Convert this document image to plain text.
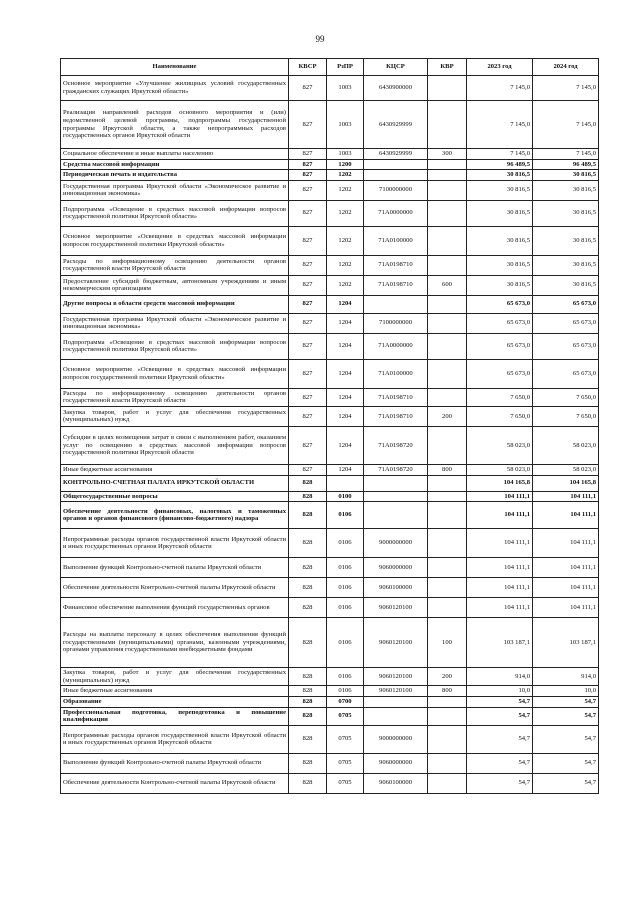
99
Наименование	КВСР	РзПР	КЦСР	КВР	2023 год	2024 год
Основное мероприятие «Улучшение жилищных условий государственных гражданских служащих Иркутской области»	827	1003	6430900000		7 145,0	7 145,0
Реализация направлений расходов основного мероприятия и (или) ведомственной целевой программы, подпрограммы государственной программы Иркутской области, а также непрограммных расходов государственных органов Иркутской области	827	1003	6430929999		7 145,0	7 145,0
Социальное обеспечение и иные выплаты населению	827	1003	6430929999	300	7 145,0	7 145,0
Средства массовой информации	827	1200			96 489,5	96 489,5
Периодическая печать и издательства	827	1202			30 816,5	30 816,5
Государственная программа Иркутской области «Экономическое развитие и инновационная экономика»	827	1202	7100000000		30 816,5	30 816,5
Подпрограмма «Освещение в средствах массовой информации вопросов государственной политики Иркутской области»	827	1202	71А0000000		30 816,5	30 816,5
Основное мероприятие «Освещение в средствах массовой информации вопросов государственной политики Иркутской области»	827	1202	71А0100000		30 816,5	30 816,5
Расходы по информационному освещению деятельности органов государственной власти Иркутской области	827	1202	71А0198710		30 816,5	30 816,5
Предоставление субсидий бюджетным, автономным учреждениям и иным некоммерческим организациям	827	1202	71А0198710	600	30 816,5	30 816,5
Другие вопросы в области средств массовой информации	827	1204			65 673,0	65 673,0
Государственная программа Иркутской области «Экономическое развитие и инновационная экономика»	827	1204	7100000000		65 673,0	65 673,0
Подпрограмма «Освещение в средствах массовой информации вопросов государственной политики Иркутской области»	827	1204	71А0000000		65 673,0	65 673,0
Основное мероприятие «Освещение в средствах массовой информации вопросов государственной политики Иркутской области»	827	1204	71А0100000		65 673,0	65 673,0
Расходы по информационному освещению деятельности органов государственной власти Иркутской области	827	1204	71А0198710		7 650,0	7 650,0
Закупка товаров, работ и услуг для обеспечения государственных (муниципальных) нужд	827	1204	71А0198710	200	7 650,0	7 650,0
Субсидии в целях возмещения затрат в связи с выполнением работ, оказанием услуг по освещению в средствах массовой информации вопросов государственной политики Иркутской области	827	1204	71А0198720		58 023,0	58 023,0
Иные бюджетные ассигнования	827	1204	71А0198720	800	58 023,0	58 023,0
КОНТРОЛЬНО-СЧЕТНАЯ ПАЛАТА ИРКУТСКОЙ ОБЛАСТИ	828				104 165,8	104 165,8
Общегосударственные вопросы	828	0100			104 111,1	104 111,1
Обеспечение деятельности финансовых, налоговых и таможенных органов и органов финансового (финансово-бюджетного) надзора	828	0106			104 111,1	104 111,1
Непрограммные расходы органов государственной власти Иркутской области и иных государственных органов Иркутской области	828	0106	9000000000		104 111,1	104 111,1
Выполнение функций Контрольно-счетной палаты Иркутской области	828	0106	9060000000		104 111,1	104 111,1
Обеспечение деятельности Контрольно-счетной палаты Иркутской области	828	0106	9060100000		104 111,1	104 111,1
Финансовое обеспечение выполнения функций государственных органов	828	0106	9060120100		104 111,1	104 111,1
Расходы на выплаты персоналу в целях обеспечения выполнения функций государственными (муниципальными) органами, казенными учреждениями, органами управления государственными внебюджетными фондами	828	0106	9060120100	100	103 187,1	103 187,1
Закупка товаров, работ и услуг для обеспечения государственных (муниципальных) нужд	828	0106	9060120100	200	914,0	914,0
Иные бюджетные ассигнования	828	0106	9060120100	800	10,0	10,0
Образование	828	0700			54,7	54,7
Профессиональная подготовка, переподготовка и повышение квалификации	828	0705			54,7	54,7
Непрограммные расходы органов государственной власти Иркутской области и иных государственных органов Иркутской области	828	0705	9000000000		54,7	54,7
Выполнение функций Контрольно-счетной палаты Иркутской области	828	0705	9060000000		54,7	54,7
Обеспечение деятельности Контрольно-счетной палаты Иркутской области	828	0705	9060100000		54,7	54,7
